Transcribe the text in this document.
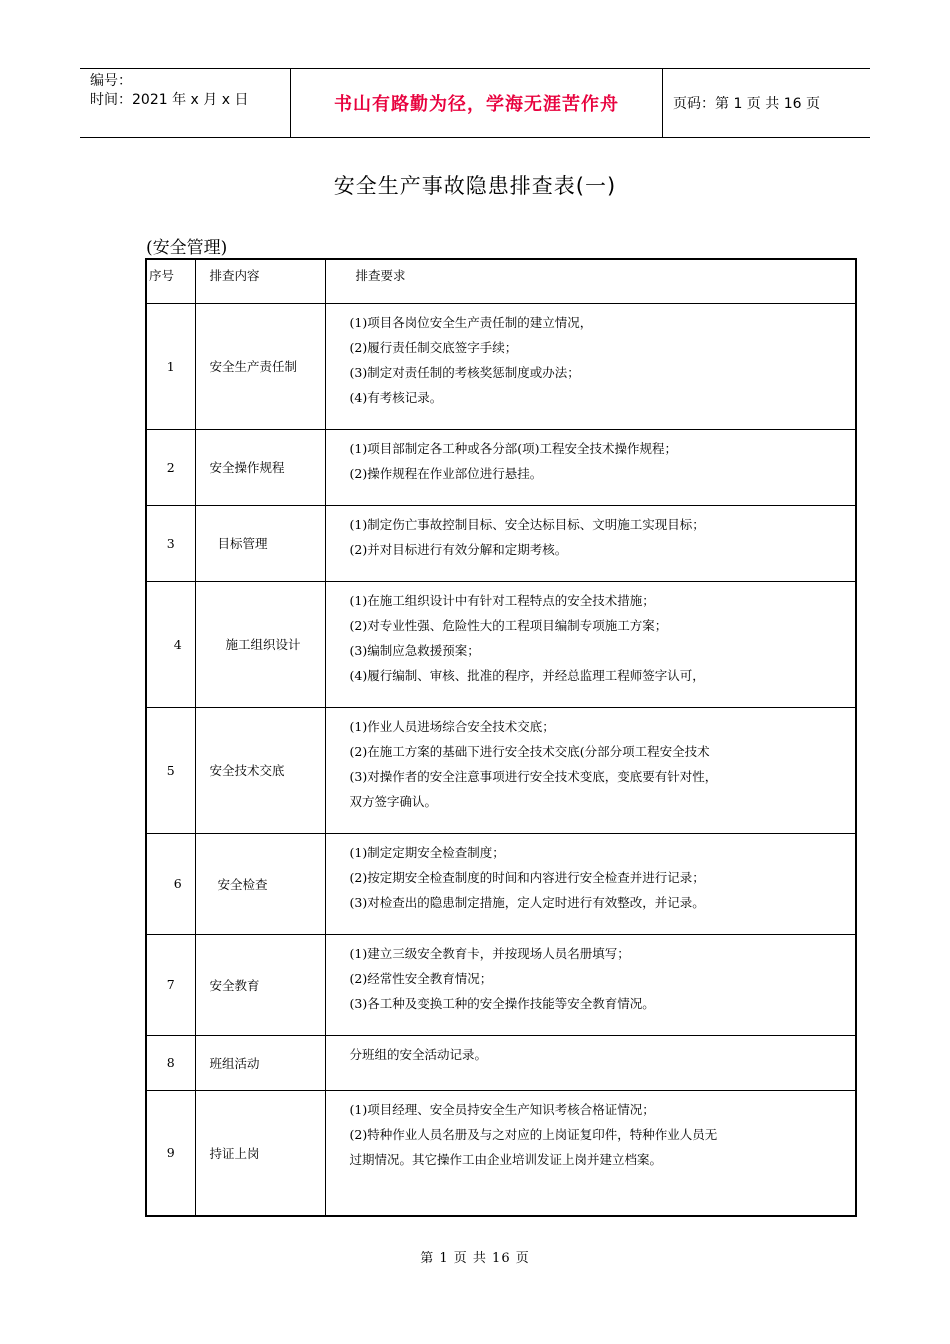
编号：
时间：2021 年 x 月 x 日	书山有路勤为径，学海无涯苦作舟	页码：第 1 页 共 16 页
安全生产事故隐患排查表(一)
(安全管理)
序号	排查内容	排查要求
1	安全生产责任制	(1)项目各岗位安全生产责任制的建立情况，
(2)履行责任制交底签字手续；
(3)制定对责任制的考核奖惩制度或办法；
(4)有考核记录。

2	安全操作规程	(1)项目部制定各工种或各分部(项)工程安全技术操作规程；
(2)操作规程在作业部位进行悬挂。

3	目标管理	(1)制定伤亡事故控制目标、安全达标目标、文明施工实现目标；
(2)并对目标进行有效分解和定期考核。

4	施工组织设计	(1)在施工组织设计中有针对工程特点的安全技术措施；
(2)对专业性强、危险性大的工程项目编制专项施工方案；
(3)编制应急救援预案；
(4)履行编制、审核、批准的程序，并经总监理工程师签字认可，

5	安全技术交底	(1)作业人员进场综合安全技术交底；
(2)在施工方案的基础下进行安全技术交底(分部分项工程安全技术
(3)对操作者的安全注意事项进行安全技术变底，变底要有针对性，
双方签字确认。

6	安全检查	(1)制定定期安全检查制度；
(2)按定期安全检查制度的时间和内容进行安全检查并进行记录；
(3)对检查出的隐患制定措施，定人定时进行有效整改，并记录。

7	安全教育	(1)建立三级安全教育卡，并按现场人员名册填写；
(2)经常性安全教育情况；
(3)各工种及变换工种的安全操作技能等安全教育情况。

8	班组活动	分班组的安全活动记录。

9	持证上岗	(1)项目经理、安全员持安全生产知识考核合格证情况；
(2)特种作业人员名册及与之对应的上岗证复印件，特种作业人员无
过期情况。其它操作工由企业培训发证上岗并建立档案。
第 1 页 共 16 页
